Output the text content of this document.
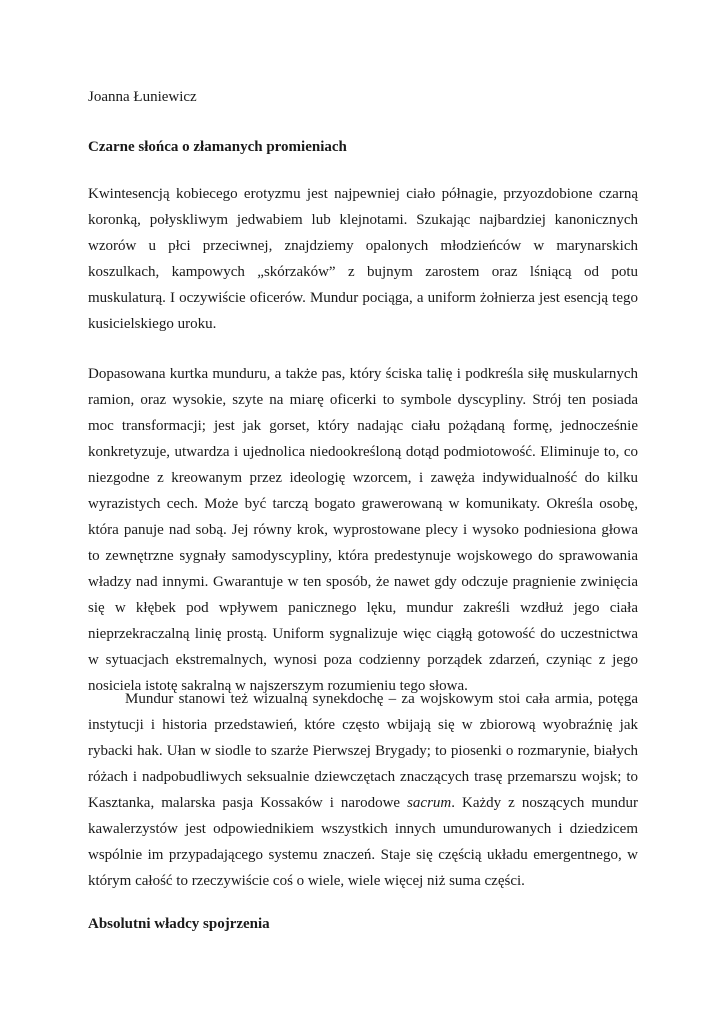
Joanna Łuniewicz

Czarne słońca o złamanych promieniach

Kwintesencją kobiecego erotyzmu jest najpewniej ciało półnagie, przyozdobione czarną koronką, połyskliwym jedwabiem lub klejnotami. Szukając najbardziej kanonicznych wzorów u płci przeciwnej, znajdziemy opalonych młodzieńców w marynarskich koszulkach, kampowych „skórzaków” z bujnym zarostem oraz lśniącą od potu muskulaturą. I oczywiście oficerów. Mundur pociąga, a uniform żołnierza jest esencją tego kusicielskiego uroku.

Dopasowana kurtka munduru, a także pas, który ściska talię i podkreśla siłę muskularnych ramion, oraz wysokie, szyte na miarę oficerki to symbole dyscypliny. Strój ten posiada moc transformacji; jest jak gorset, który nadając ciału pożądaną formę, jednocześnie konkretyzuje, utwardza i ujednolica niedookreśloną dotąd podmiotowość. Eliminuje to, co niezgodne z kreowanym przez ideologię wzorcem, i zawęża indywidualność do kilku wyrazistych cech. Może być tarczą bogato grawerowaną w komunikaty. Określa osobę, która panuje nad sobą. Jej równy krok, wyprostowane plecy i wysoko podniesiona głowa to zewnętrzne sygnały samodyscypliny, która predestynuje wojskowego do sprawowania władzy nad innymi. Gwarantuje w ten sposób, że nawet gdy odczuje pragnienie zwinięcia się w kłębek pod wpływem panicznego lęku, mundur zakreśli wzdłuż jego ciała nieprzekraczalną linię prostą. Uniform sygnalizuje więc ciągłą gotowość do uczestnictwa w sytuacjach ekstremalnych, wynosi poza codzienny porządek zdarzeń, czyniąc z jego nosiciela istotę sakralną w najszerszym rozumieniu tego słowa.

Mundur stanowi też wizualną synekdochę – za wojskowym stoi cała armia, potęga instytucji i historia przedstawień, które często wbijają się w zbiorową wyobraźnię jak rybacki hak. Ułan w siodle to szarże Pierwszej Brygady; to piosenki o rozmarynie, białych różach i nadpobudliwych seksualnie dziewczętach znaczących trasę przemarszu wojsk; to Kasztanka, malarska pasja Kossaków i narodowe sacrum. Każdy z noszących mundur kawalerzystów jest odpowiednikiem wszystkich innych umundurowanych i dziedzicem wspólnie im przypadającego systemu znaczeń. Staje się częścią układu emergentnego, w którym całość to rzeczywiście coś o wiele, wiele więcej niż suma części.

Absolutni władcy spojrzenia
